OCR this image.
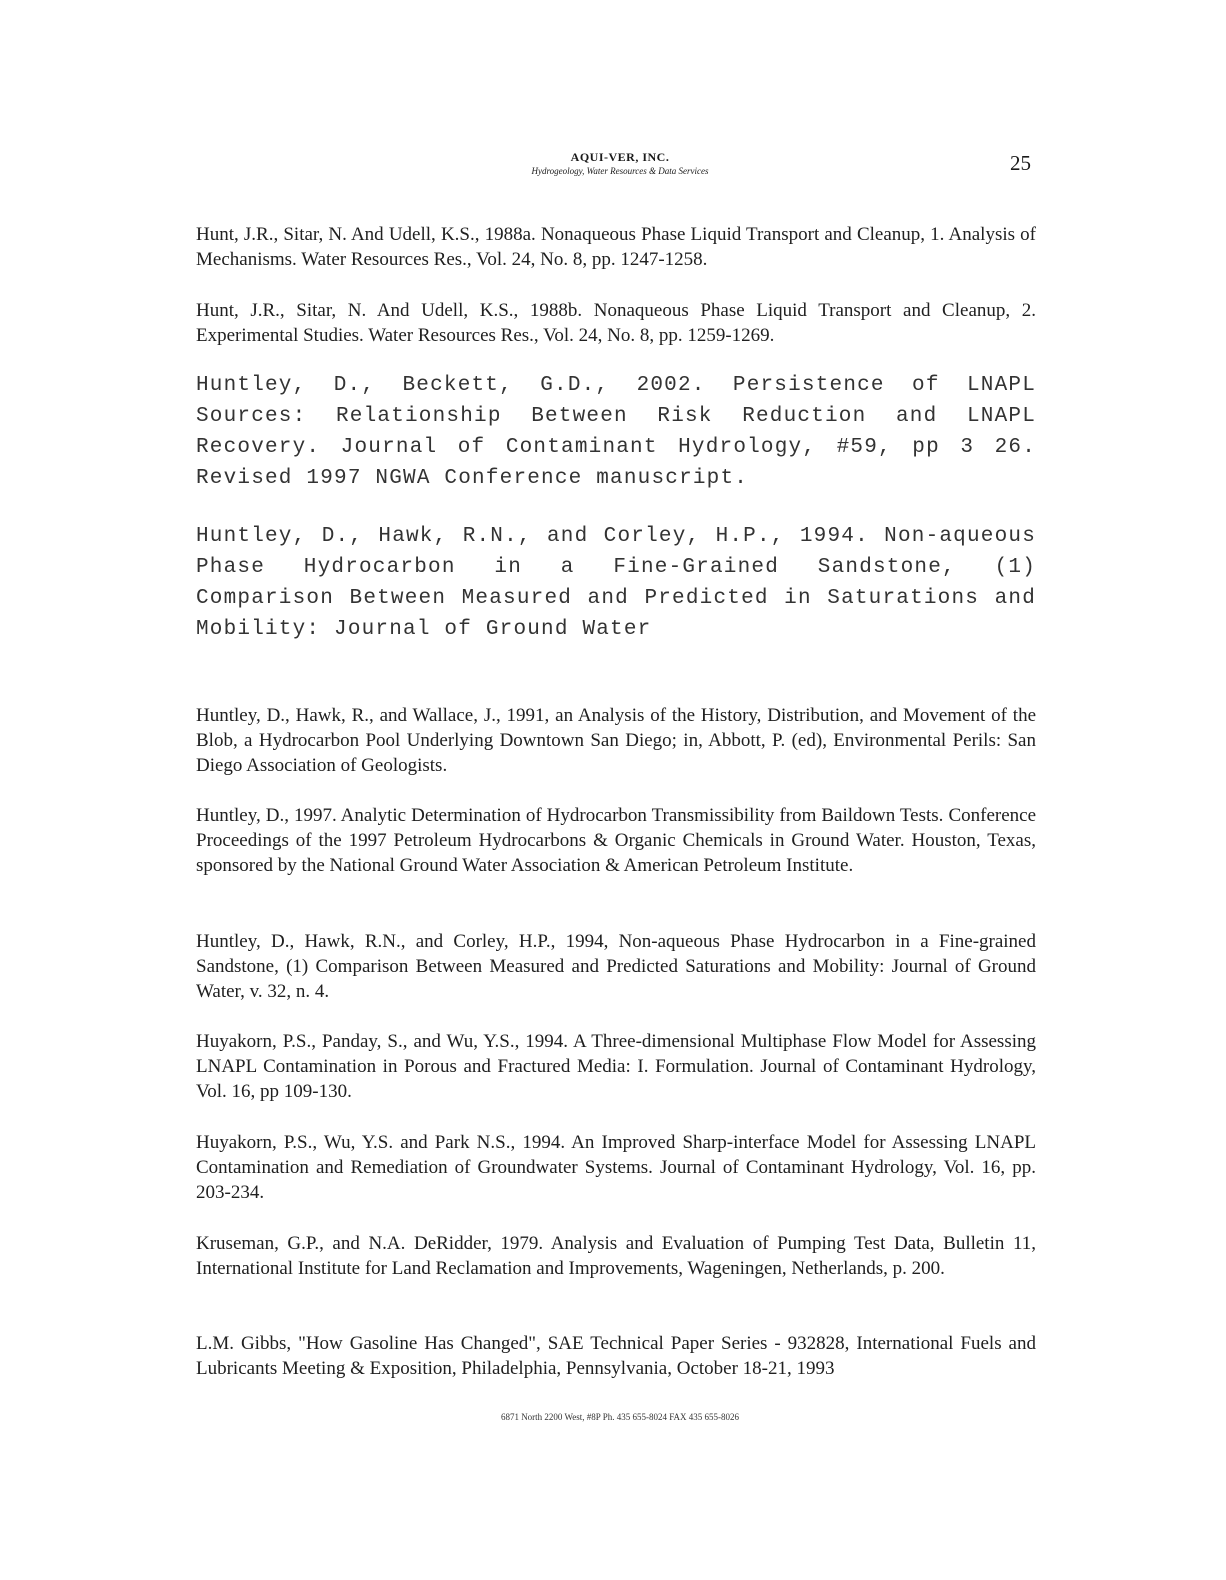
AQUI-VER, INC.
Hydrogeology, Water Resources & Data Services	25
Hunt, J.R., Sitar, N. And Udell, K.S., 1988a. Nonaqueous Phase Liquid Transport and Cleanup, 1. Analysis of Mechanisms. Water Resources Res., Vol. 24, No. 8, pp. 1247-1258.
Hunt, J.R., Sitar, N. And Udell, K.S., 1988b. Nonaqueous Phase Liquid Transport and Cleanup, 2. Experimental Studies. Water Resources Res., Vol. 24, No. 8, pp. 1259-1269.
Huntley, D., Beckett, G.D., 2002. Persistence of LNAPL Sources: Relationship Between Risk Reduction and LNAPL Recovery. Journal of Contaminant Hydrology, #59, pp 3 26. Revised 1997 NGWA Conference manuscript.
Huntley, D., Hawk, R.N., and Corley, H.P., 1994. Non-aqueous Phase Hydrocarbon in a Fine-Grained Sandstone, (1) Comparison Between Measured and Predicted in Saturations and Mobility: Journal of Ground Water
Huntley, D., Hawk, R., and Wallace, J., 1991, an Analysis of the History, Distribution, and Movement of the Blob, a Hydrocarbon Pool Underlying Downtown San Diego; in, Abbott, P. (ed), Environmental Perils: San Diego Association of Geologists.
Huntley, D., 1997. Analytic Determination of Hydrocarbon Transmissibility from Baildown Tests. Conference Proceedings of the 1997 Petroleum Hydrocarbons & Organic Chemicals in Ground Water. Houston, Texas, sponsored by the National Ground Water Association & American Petroleum Institute.
Huntley, D., Hawk, R.N., and Corley, H.P., 1994, Non-aqueous Phase Hydrocarbon in a Fine-grained Sandstone, (1) Comparison Between Measured and Predicted Saturations and Mobility: Journal of Ground Water, v. 32, n. 4.
Huyakorn, P.S., Panday, S., and Wu, Y.S., 1994. A Three-dimensional Multiphase Flow Model for Assessing LNAPL Contamination in Porous and Fractured Media: I. Formulation. Journal of Contaminant Hydrology, Vol. 16, pp 109-130.
Huyakorn, P.S., Wu, Y.S. and Park N.S., 1994. An Improved Sharp-interface Model for Assessing LNAPL Contamination and Remediation of Groundwater Systems. Journal of Contaminant Hydrology, Vol. 16, pp. 203-234.
Kruseman, G.P., and N.A. DeRidder, 1979. Analysis and Evaluation of Pumping Test Data, Bulletin 11, International Institute for Land Reclamation and Improvements, Wageningen, Netherlands, p. 200.
L.M. Gibbs, "How Gasoline Has Changed", SAE Technical Paper Series - 932828, International Fuels and Lubricants Meeting & Exposition, Philadelphia, Pennsylvania, October 18-21, 1993
6871 North 2200 West, #8P Ph. 435 655-8024 FAX 435 655-8026
